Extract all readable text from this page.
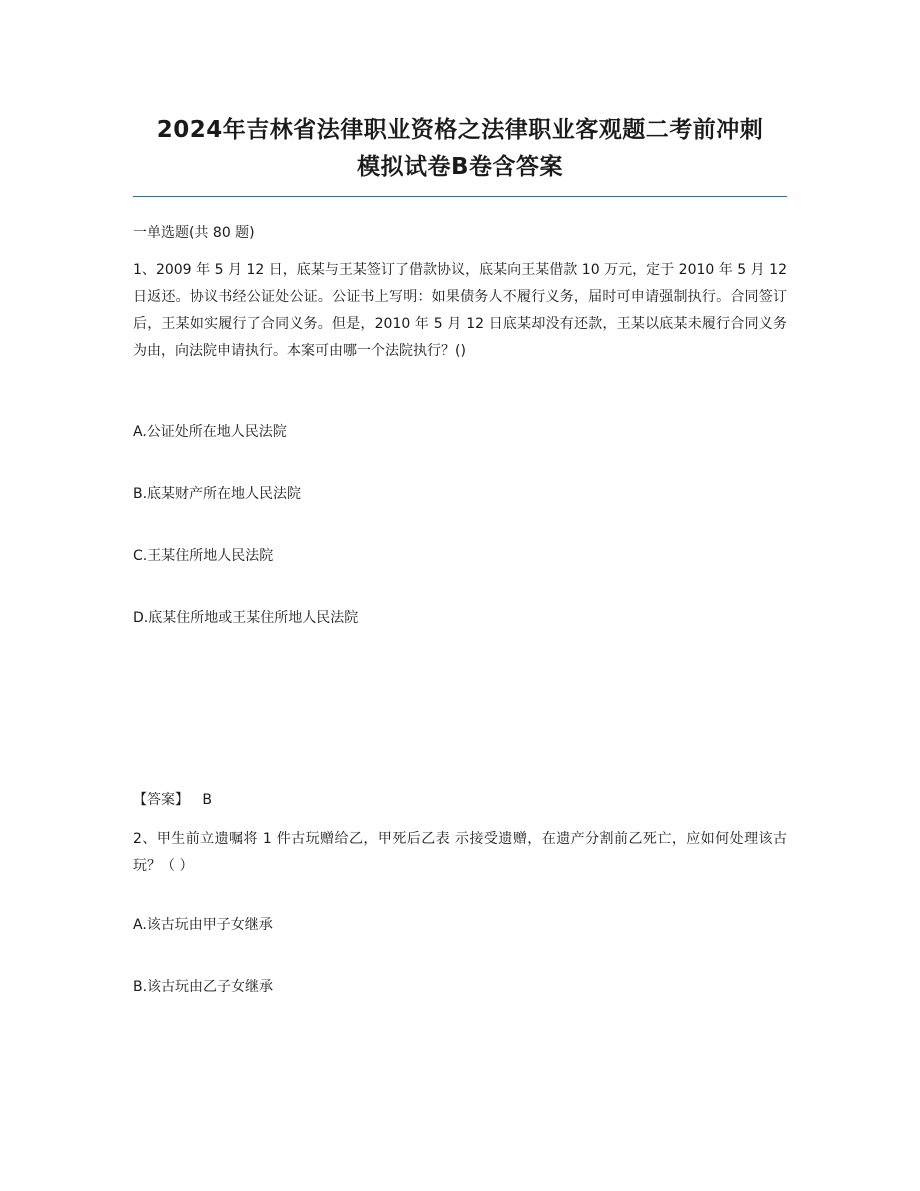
2024年吉林省法律职业资格之法律职业客观题二考前冲刺
模拟试卷B卷含答案
一单选题(共 80 题)
1、2009 年 5 月 12 日，底某与王某签订了借款协议，底某向王某借款 10 万元，定于 2010 年 5 月 12 日返还。协议书经公证处公证。公证书上写明：如果债务人不履行义务，届时可申请强制执行。合同签订后，王某如实履行了合同义务。但是，2010 年 5 月 12 日底某却没有还款，王某以底某未履行合同义务为由，向法院申请执行。本案可由哪一个法院执行？()
A.公证处所在地人民法院
B.底某财产所在地人民法院
C.王某住所地人民法院
D.底某住所地或王某住所地人民法院
【答案】 B
2、甲生前立遗嘱将 1 件古玩赠给乙，甲死后乙表 示接受遗赠，在遗产分割前乙死亡，应如何处理该古 玩？（ ）
A.该古玩由甲子女继承
B.该古玩由乙子女继承
